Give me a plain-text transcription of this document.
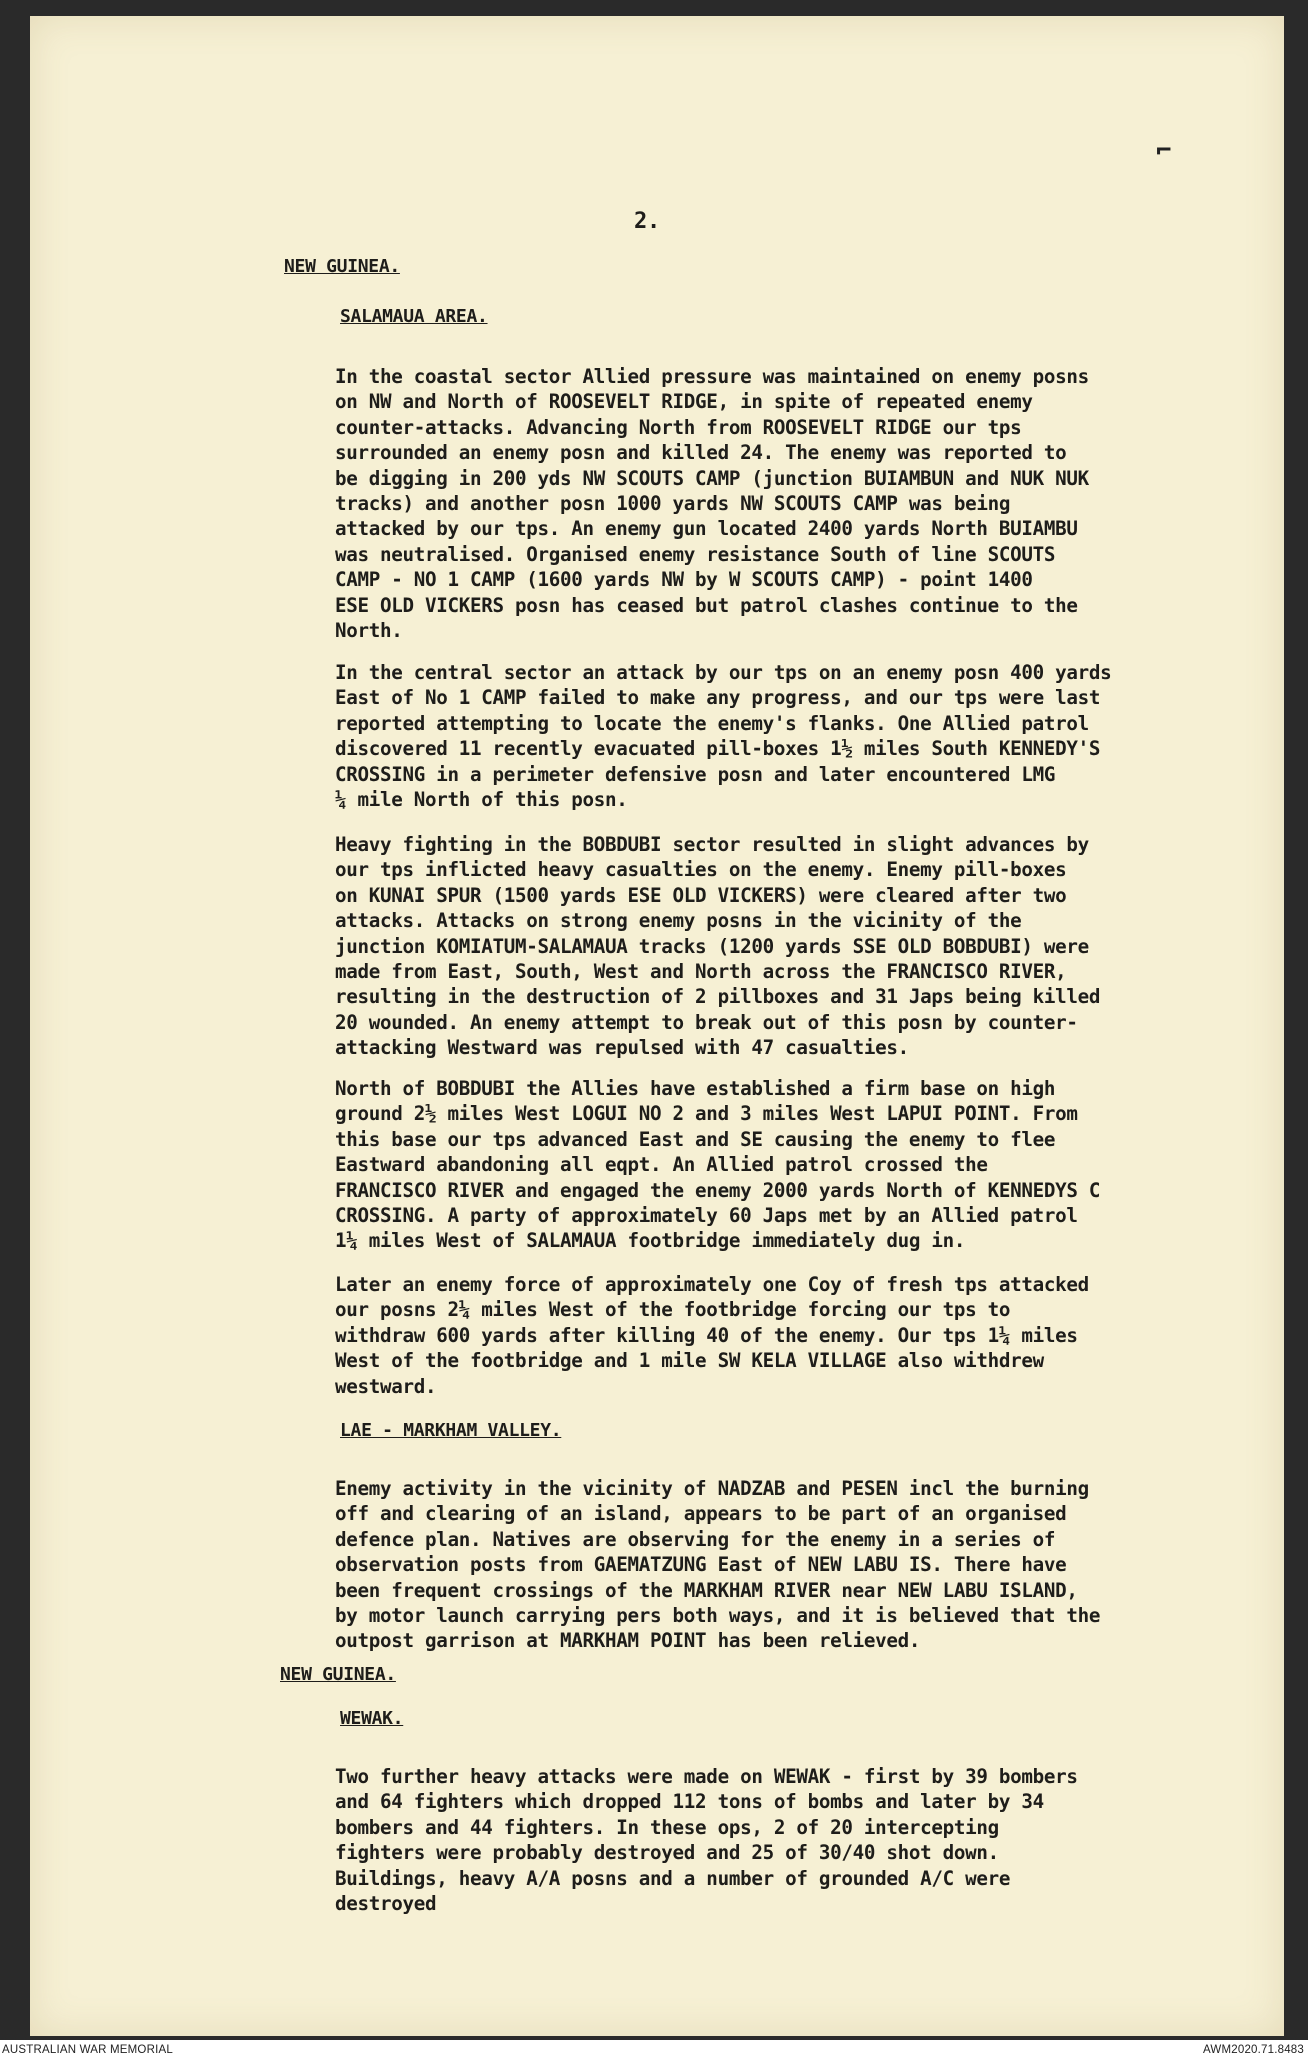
⌐
2.
NEW GUINEA.
SALAMAUA AREA.

In the coastal sector Allied pressure was maintained on enemy posns
on NW and North of ROOSEVELT RIDGE, in spite of repeated enemy
counter-attacks. Advancing North from ROOSEVELT RIDGE our tps
surrounded an enemy posn and killed 24. The enemy was reported to
be digging in 200 yds NW SCOUTS CAMP (junction BUIAMBUN and NUK NUK
tracks) and another posn 1000 yards NW SCOUTS CAMP was being
attacked by our tps. An enemy gun located 2400 yards North BUIAMBU
was neutralised. Organised enemy resistance South of line SCOUTS
CAMP - NO 1 CAMP (1600 yards NW by W SCOUTS CAMP) - point 1400
ESE OLD VICKERS posn has ceased but patrol clashes continue to the
North.

In the central sector an attack by our tps on an enemy posn 400 yards
East of No 1 CAMP failed to make any progress, and our tps were last
reported attempting to locate the enemy's flanks. One Allied patrol
discovered 11 recently evacuated pill-boxes 1½ miles South KENNEDY'S
CROSSING in a perimeter defensive posn and later encountered LMG
¼ mile North of this posn.

Heavy fighting in the BOBDUBI sector resulted in slight advances by
our tps inflicted heavy casualties on the enemy. Enemy pill-boxes
on KUNAI SPUR (1500 yards ESE OLD VICKERS) were cleared after two
attacks. Attacks on strong enemy posns in the vicinity of the
junction KOMIATUM-SALAMAUA tracks (1200 yards SSE OLD BOBDUBI) were
made from East, South, West and North across the FRANCISCO RIVER,
resulting in the destruction of 2 pillboxes and 31 Japs being killed
20 wounded. An enemy attempt to break out of this posn by counter-
attacking Westward was repulsed with 47 casualties.

North of BOBDUBI the Allies have established a firm base on high
ground 2½ miles West LOGUI NO 2 and 3 miles West LAPUI POINT. From
this base our tps advanced East and SE causing the enemy to flee
Eastward abandoning all eqpt. An Allied patrol crossed the
FRANCISCO RIVER and engaged the enemy 2000 yards North of KENNEDYS C
CROSSING. A party of approximately 60 Japs met by an Allied patrol
1¼ miles West of SALAMAUA footbridge immediately dug in.

Later an enemy force of approximately one Coy of fresh tps attacked
our posns 2¼ miles West of the footbridge forcing our tps to
withdraw 600 yards after killing 40 of the enemy. Our tps 1¼ miles
West of the footbridge and 1 mile SW KELA VILLAGE also withdrew
westward.

LAE - MARKHAM VALLEY.

Enemy activity in the vicinity of NADZAB and PESEN incl the burning
off and clearing of an island, appears to be part of an organised
defence plan. Natives are observing for the enemy in a series of
observation posts from GAEMATZUNG East of NEW LABU IS. There have
been frequent crossings of the MARKHAM RIVER near NEW LABU ISLAND,
by motor launch carrying pers both ways, and it is believed that the
outpost garrison at MARKHAM POINT has been relieved.

NEW GUINEA.
WEWAK.

Two further heavy attacks were made on WEWAK - first by 39 bombers
and 64 fighters which dropped 112 tons of bombs and later by 34
bombers and 44 fighters. In these ops, 2 of 20 intercepting
fighters were probably destroyed and 25 of 30/40 shot down.
Buildings, heavy A/A posns and a number of grounded A/C were
destroyed

AUSTRALIAN WAR MEMORIAL	AWM2020.71.8483
